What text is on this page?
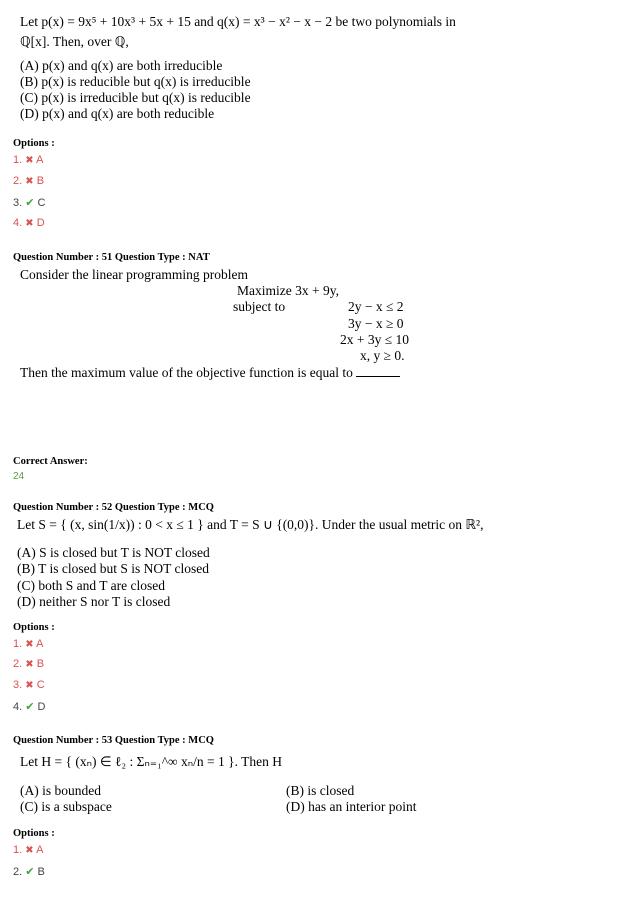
Let p(x) = 9x⁵ + 10x³ + 5x + 15 and q(x) = x³ − x² − x − 2 be two polynomials in
ℚ[x]. Then, over ℚ,
(A) p(x) and q(x) are both irreducible
(B) p(x) is reducible but q(x) is irreducible
(C) p(x) is irreducible but q(x) is reducible
(D) p(x) and q(x) are both reducible
Options :
1. ✖ A
2. ✖ B
3. ✔ C
4. ✖ D
Question Number : 51 Question Type : NAT
Consider the linear programming problem
Maximize 3x + 9y,
subject to	2y − x ≤ 2
3y − x ≥ 0
2x + 3y ≤ 10
x, y ≥ 0.
Then the maximum value of the objective function is equal to
Correct Answer:
24
Question Number : 52 Question Type : MCQ
Let S = { (x, sin(1/x)) : 0 < x ≤ 1 } and T = S ∪ {(0,0)}. Under the usual metric on ℝ²,
(A) S is closed but T is NOT closed
(B) T is closed but S is NOT closed
(C) both S and T are closed
(D) neither S nor T is closed
Options :
1. ✖ A
2. ✖ B
3. ✖ C
4. ✔ D
Question Number : 53 Question Type : MCQ
Let H = { (xₙ) ∈ ℓ₂ : Σₙ₌₁^∞ xₙ/n = 1 }. Then H
(A) is bounded	(B) is closed
(C) is a subspace	(D) has an interior point
Options :
1. ✖ A
2. ✔ B
